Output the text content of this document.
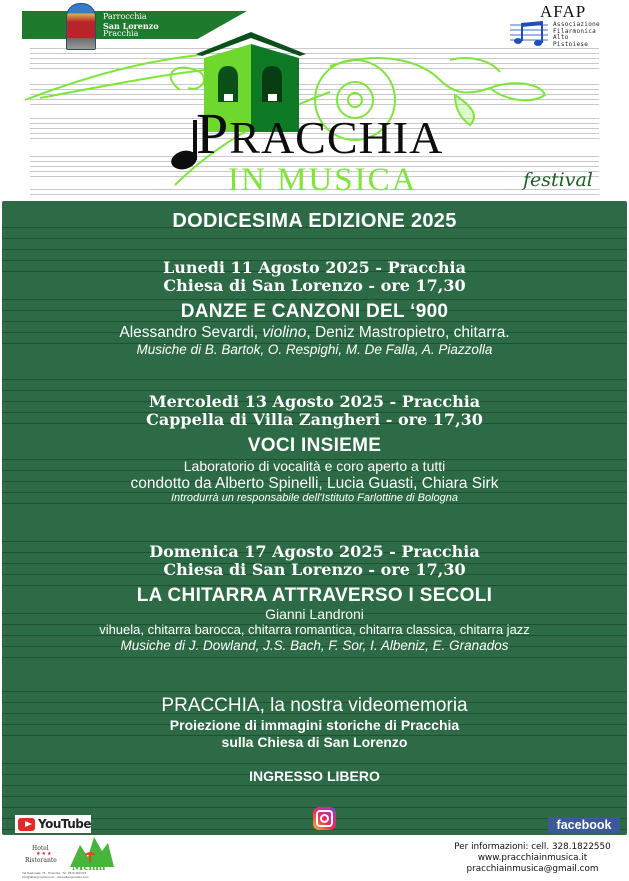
Parrocchia
San Lorenzo
Pracchia
AFAP
Associazione
Filarmonica
Alto
Pistoiese
PRACCHIA
IN MUSICA	festival
DODICESIMA EDIZIONE 2025
Lunedi 11 Agosto 2025 - Pracchia
Chiesa di San Lorenzo - ore 17,30
DANZE E CANZONI DEL ‘900
Alessandro Sevardi, violino, Deniz Mastropietro, chitarra.
Musiche di B. Bartok, O. Respighi, M. De Falla, A. Piazzolla
Mercoledi 13 Agosto 2025 - Pracchia
Cappella di Villa Zangheri - ore 17,30
VOCI INSIEME
Laboratorio di vocalità e coro aperto a tutti
condotto da Alberto Spinelli, Lucia Guasti, Chiara Sirk
Introdurrà un responsabile dell'Istituto Farlottine di Bologna
Domenica 17 Agosto 2025 - Pracchia
Chiesa di San Lorenzo - ore 17,30
LA CHITARRA ATTRAVERSO I SECOLI
Gianni Landroni
vihuela, chitarra barocca, chitarra romantica, chitarra classica, chitarra jazz
Musiche di J. Dowland, J.S. Bach, F. Sor, I. Albeniz, E. Granados
PRACCHIA, la nostra videomemoria
Proiezione di immagini storiche di Pracchia
sulla Chiesa di San Lorenzo
INGRESSO LIBERO
YouTube	facebook
Hotel
★★★
Ristorante Melini
Via Nazionale, 76 - Pracchia - Tel. 0573.490.024
info@albergomelini.com - www.albergomelini.com
Per informazioni: cell. 328.1822550
www.pracchiainmusica.it
pracchiainmusica@gmail.com
